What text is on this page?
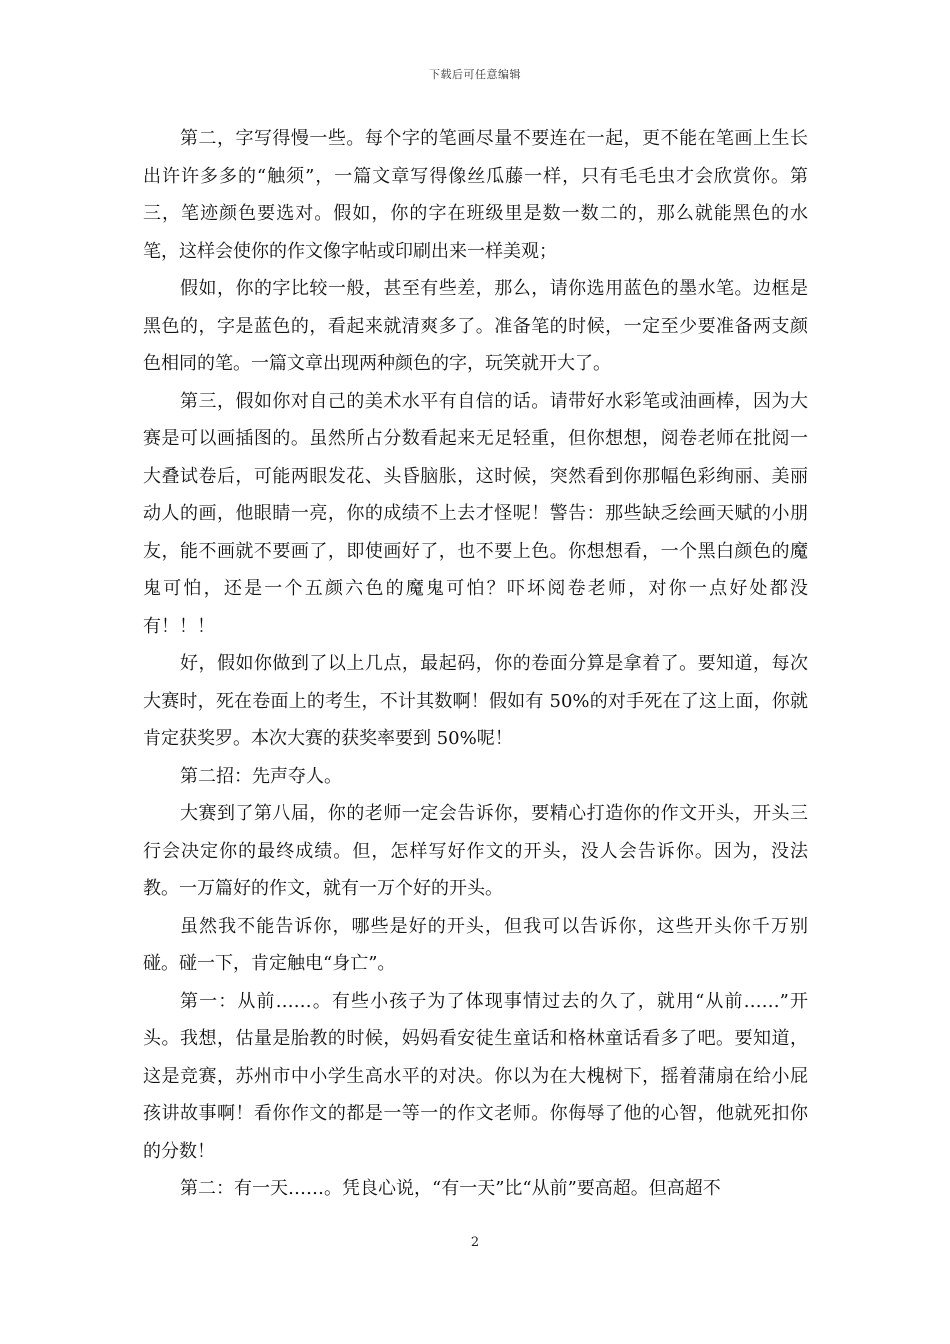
下载后可任意编辑

第二，字写得慢一些。每个字的笔画尽量不要连在一起，更不能在笔画上生长出许许多多的“触须”，一篇文章写得像丝瓜藤一样，只有毛毛虫才会欣赏你。第三，笔迹颜色要选对。假如，你的字在班级里是数一数二的，那么就能黑色的水笔，这样会使你的作文像字帖或印刷出来一样美观；

假如，你的字比较一般，甚至有些差，那么，请你选用蓝色的墨水笔。边框是黑色的，字是蓝色的，看起来就清爽多了。准备笔的时候，一定至少要准备两支颜色相同的笔。一篇文章出现两种颜色的字，玩笑就开大了。

第三，假如你对自己的美术水平有自信的话。请带好水彩笔或油画棒，因为大赛是可以画插图的。虽然所占分数看起来无足轻重，但你想想，阅卷老师在批阅一大叠试卷后，可能两眼发花、头昏脑胀，这时候，突然看到你那幅色彩绚丽、美丽动人的画，他眼睛一亮，你的成绩不上去才怪呢！警告：那些缺乏绘画天赋的小朋友，能不画就不要画了，即使画好了，也不要上色。你想想看，一个黑白颜色的魔鬼可怕，还是一个五颜六色的魔鬼可怕？吓坏阅卷老师，对你一点好处都没有！！！

好，假如你做到了以上几点，最起码，你的卷面分算是拿着了。要知道，每次大赛时，死在卷面上的考生，不计其数啊！假如有 50%的对手死在了这上面，你就肯定获奖罗。本次大赛的获奖率要到 50%呢！

第二招：先声夺人。

大赛到了第八届，你的老师一定会告诉你，要精心打造你的作文开头，开头三行会决定你的最终成绩。但，怎样写好作文的开头，没人会告诉你。因为，没法教。一万篇好的作文，就有一万个好的开头。

虽然我不能告诉你，哪些是好的开头，但我可以告诉你，这些开头你千万别碰。碰一下，肯定触电“身亡”。

第一：从前……。有些小孩子为了体现事情过去的久了，就用“从前……”开头。我想，估量是胎教的时候，妈妈看安徒生童话和格林童话看多了吧。要知道，这是竞赛，苏州市中小学生高水平的对决。你以为在大槐树下，摇着蒲扇在给小屁孩讲故事啊！看你作文的都是一等一的作文老师。你侮辱了他的心智，他就死扣你的分数！

第二：有一天……。凭良心说，“有一天”比“从前”要高超。但高超不

2
